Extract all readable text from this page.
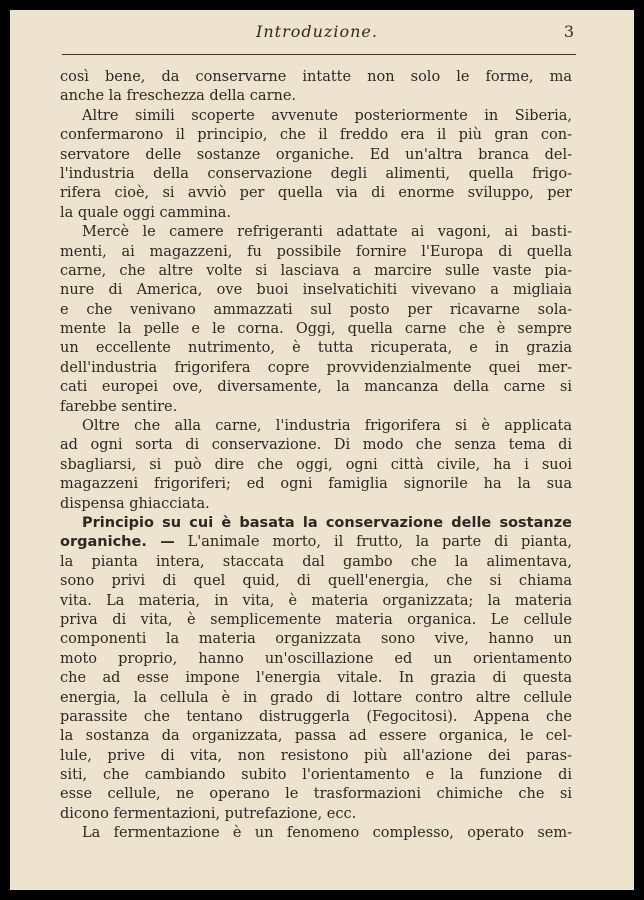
Introduzione.	3
così bene, da conservarne intatte non solo le forme, ma
anche la freschezza della carne.
Altre simili scoperte avvenute posteriormente in Siberia,
confermarono il principio, che il freddo era il più gran con-
servatore delle sostanze organiche. Ed un'altra branca del-
l'industria della conservazione degli alimenti, quella frigo-
rifera cioè, si avviò per quella via di enorme sviluppo, per
la quale oggi cammina.
Mercè le camere refrigeranti adattate ai vagoni, ai basti-
menti, ai magazzeni, fu possibile fornire l'Europa di quella
carne, che altre volte si lasciava a marcire sulle vaste pia-
nure di America, ove buoi inselvatichiti vivevano a migliaia
e che venivano ammazzati sul posto per ricavarne sola-
mente la pelle e le corna. Oggi, quella carne che è sempre
un eccellente nutrimento, è tutta ricuperata, e in grazia
dell'industria frigorifera copre provvidenzialmente quei mer-
cati europei ove, diversamente, la mancanza della carne si
farebbe sentire.
Oltre che alla carne, l'industria frigorifera si è applicata
ad ogni sorta di conservazione. Di modo che senza tema di
sbagliarsi, si può dire che oggi, ogni città civile, ha i suoi
magazzeni frigoriferi; ed ogni famiglia signorile ha la sua
dispensa ghiacciata.
Principio su cui è basata la conservazione delle sostanze
organiche. — L'animale morto, il frutto, la parte di pianta,
la pianta intera, staccata dal gambo che la alimentava,
sono privi di quel quid, di quell'energia, che si chiama
vita. La materia, in vita, è materia organizzata; la materia
priva di vita, è semplicemente materia organica. Le cellule
componenti la materia organizzata sono vive, hanno un
moto proprio, hanno un'oscillazione ed un orientamento
che ad esse impone l'energia vitale. In grazia di questa
energia, la cellula è in grado di lottare contro altre cellule
parassite che tentano distruggerla (Fegocitosi). Appena che
la sostanza da organizzata, passa ad essere organica, le cel-
lule, prive di vita, non resistono più all'azione dei paras-
siti, che cambiando subito l'orientamento e la funzione di
esse cellule, ne operano le trasformazioni chimiche che si
dicono fermentazioni, putrefazione, ecc.
La fermentazione è un fenomeno complesso, operato sem-
